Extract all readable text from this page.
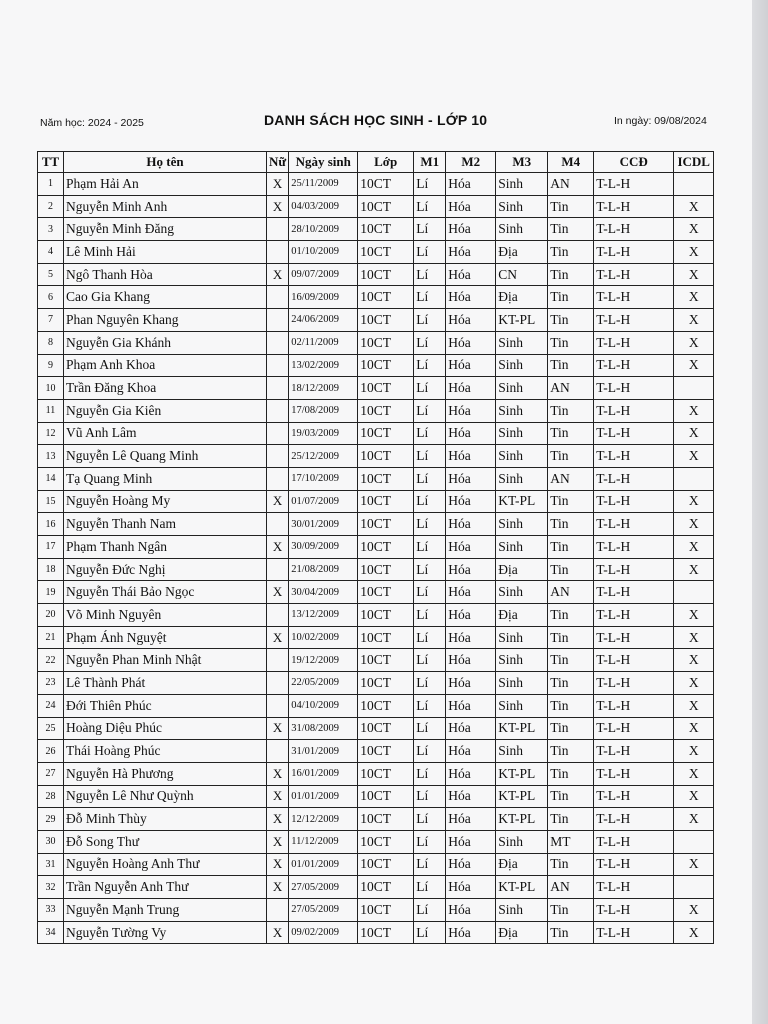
Năm học: 2024 - 2025	DANH SÁCH HỌC SINH - LỚP 10	In ngày: 09/08/2024
TT	Họ tên	Nữ	Ngày sinh	Lớp	M1	M2	M3	M4	CCĐ	ICDL
1	Phạm Hải An	X	25/11/2009	10CT	Lí	Hóa	Sinh	AN	T-L-H	
2	Nguyễn Minh Anh	X	04/03/2009	10CT	Lí	Hóa	Sinh	Tin	T-L-H	X
3	Nguyễn Minh Đăng		28/10/2009	10CT	Lí	Hóa	Sinh	Tin	T-L-H	X
4	Lê Minh Hải		01/10/2009	10CT	Lí	Hóa	Địa	Tin	T-L-H	X
5	Ngô Thanh Hòa	X	09/07/2009	10CT	Lí	Hóa	CN	Tin	T-L-H	X
6	Cao Gia Khang		16/09/2009	10CT	Lí	Hóa	Địa	Tin	T-L-H	X
7	Phan Nguyên Khang		24/06/2009	10CT	Lí	Hóa	KT-PL	Tin	T-L-H	X
8	Nguyễn Gia Khánh		02/11/2009	10CT	Lí	Hóa	Sinh	Tin	T-L-H	X
9	Phạm Anh Khoa		13/02/2009	10CT	Lí	Hóa	Sinh	Tin	T-L-H	X
10	Trần Đăng Khoa		18/12/2009	10CT	Lí	Hóa	Sinh	AN	T-L-H	
11	Nguyễn Gia Kiên		17/08/2009	10CT	Lí	Hóa	Sinh	Tin	T-L-H	X
12	Vũ Anh Lâm		19/03/2009	10CT	Lí	Hóa	Sinh	Tin	T-L-H	X
13	Nguyễn Lê Quang Minh		25/12/2009	10CT	Lí	Hóa	Sinh	Tin	T-L-H	X
14	Tạ Quang Minh		17/10/2009	10CT	Lí	Hóa	Sinh	AN	T-L-H	
15	Nguyễn Hoàng My	X	01/07/2009	10CT	Lí	Hóa	KT-PL	Tin	T-L-H	X
16	Nguyễn Thanh Nam		30/01/2009	10CT	Lí	Hóa	Sinh	Tin	T-L-H	X
17	Phạm Thanh Ngân	X	30/09/2009	10CT	Lí	Hóa	Sinh	Tin	T-L-H	X
18	Nguyễn Đức Nghị		21/08/2009	10CT	Lí	Hóa	Địa	Tin	T-L-H	X
19	Nguyễn Thái Bảo Ngọc	X	30/04/2009	10CT	Lí	Hóa	Sinh	AN	T-L-H	
20	Võ Minh Nguyên		13/12/2009	10CT	Lí	Hóa	Địa	Tin	T-L-H	X
21	Phạm Ánh Nguyệt	X	10/02/2009	10CT	Lí	Hóa	Sinh	Tin	T-L-H	X
22	Nguyễn Phan Minh Nhật		19/12/2009	10CT	Lí	Hóa	Sinh	Tin	T-L-H	X
23	Lê Thành Phát		22/05/2009	10CT	Lí	Hóa	Sinh	Tin	T-L-H	X
24	Đới Thiên Phúc		04/10/2009	10CT	Lí	Hóa	Sinh	Tin	T-L-H	X
25	Hoàng Diệu Phúc	X	31/08/2009	10CT	Lí	Hóa	KT-PL	Tin	T-L-H	X
26	Thái Hoàng Phúc		31/01/2009	10CT	Lí	Hóa	Sinh	Tin	T-L-H	X
27	Nguyễn Hà Phương	X	16/01/2009	10CT	Lí	Hóa	KT-PL	Tin	T-L-H	X
28	Nguyễn Lê Như Quỳnh	X	01/01/2009	10CT	Lí	Hóa	KT-PL	Tin	T-L-H	X
29	Đỗ Minh Thùy	X	12/12/2009	10CT	Lí	Hóa	KT-PL	Tin	T-L-H	X
30	Đỗ Song Thư	X	11/12/2009	10CT	Lí	Hóa	Sinh	MT	T-L-H	
31	Nguyễn Hoàng Anh Thư	X	01/01/2009	10CT	Lí	Hóa	Địa	Tin	T-L-H	X
32	Trần Nguyễn Anh Thư	X	27/05/2009	10CT	Lí	Hóa	KT-PL	AN	T-L-H	
33	Nguyễn Mạnh Trung		27/05/2009	10CT	Lí	Hóa	Sinh	Tin	T-L-H	X
34	Nguyễn Tường Vy	X	09/02/2009	10CT	Lí	Hóa	Địa	Tin	T-L-H	X
